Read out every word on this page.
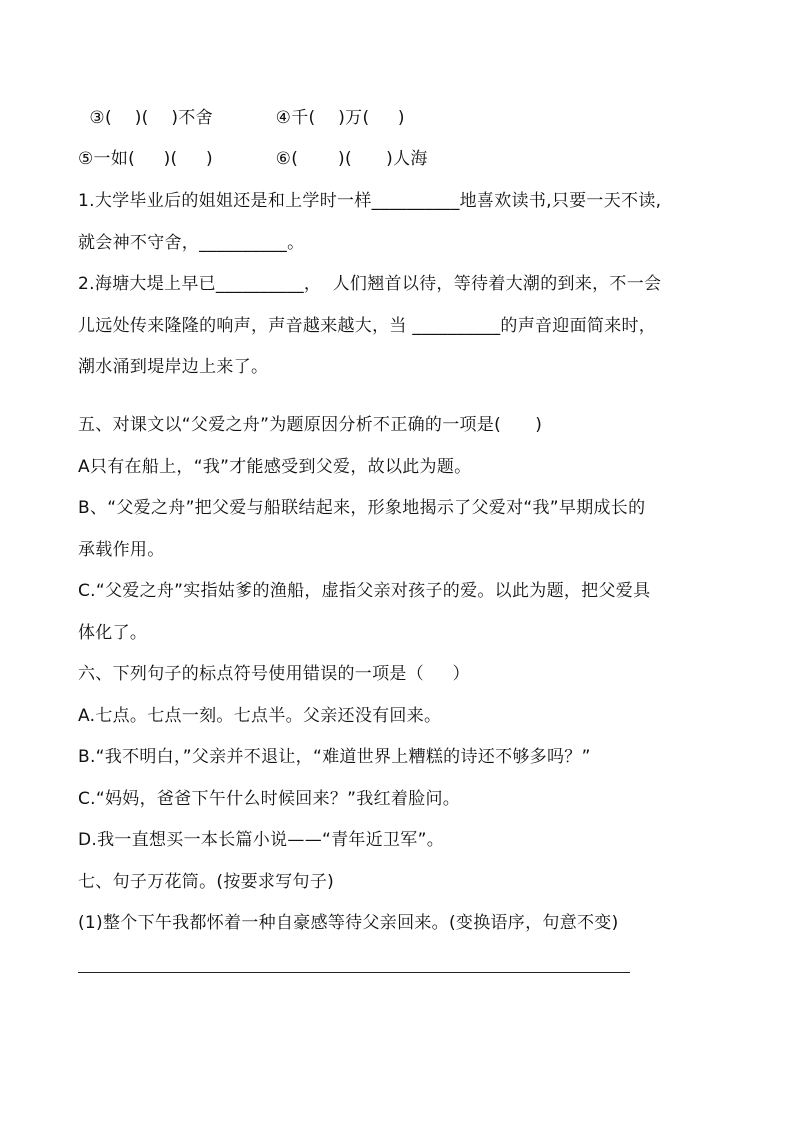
③(    )(    )不舍           ④千(    )万(     )
⑤一如(     )(     )           ⑥(       )(      )人海
1.大学毕业后的姐姐还是和上学时一样__________地喜欢读书,只要一天不读,
就会神不守舍，__________。
2.海塘大堤上早已__________，  人们翘首以待，等待着大潮的到来，不一会
儿远处传来隆隆的响声，声音越来越大，当 __________的声音迎面简来时，
潮水涌到堤岸边上来了。
五、对课文以“父爱之舟”为题原因分析不正确的一项是(      )
A只有在船上，“我”才能感受到父爱，故以此为题。
B、“父爱之舟”把父爱与船联结起来，形象地揭示了父爱对“我”早期成长的
承载作用。
C.“父爱之舟”实指姑爹的渔船，虚指父亲对孩子的爱。以此为题，把父爱具
体化了。
六、下列句子的标点符号使用错误的一项是（     ）
A.七点。七点一刻。七点半。父亲还没有回来。
B.“我不明白，”父亲并不退让，“难道世界上糟糕的诗还不够多吗？”
C.“妈妈，爸爸下午什么时候回来？”我红着脸问。
D.我一直想买一本长篇小说——“青年近卫军”。
七、句子万花筒。(按要求写句子)
(1)整个下午我都怀着一种自豪感等待父亲回来。(变换语序，句意不变)
